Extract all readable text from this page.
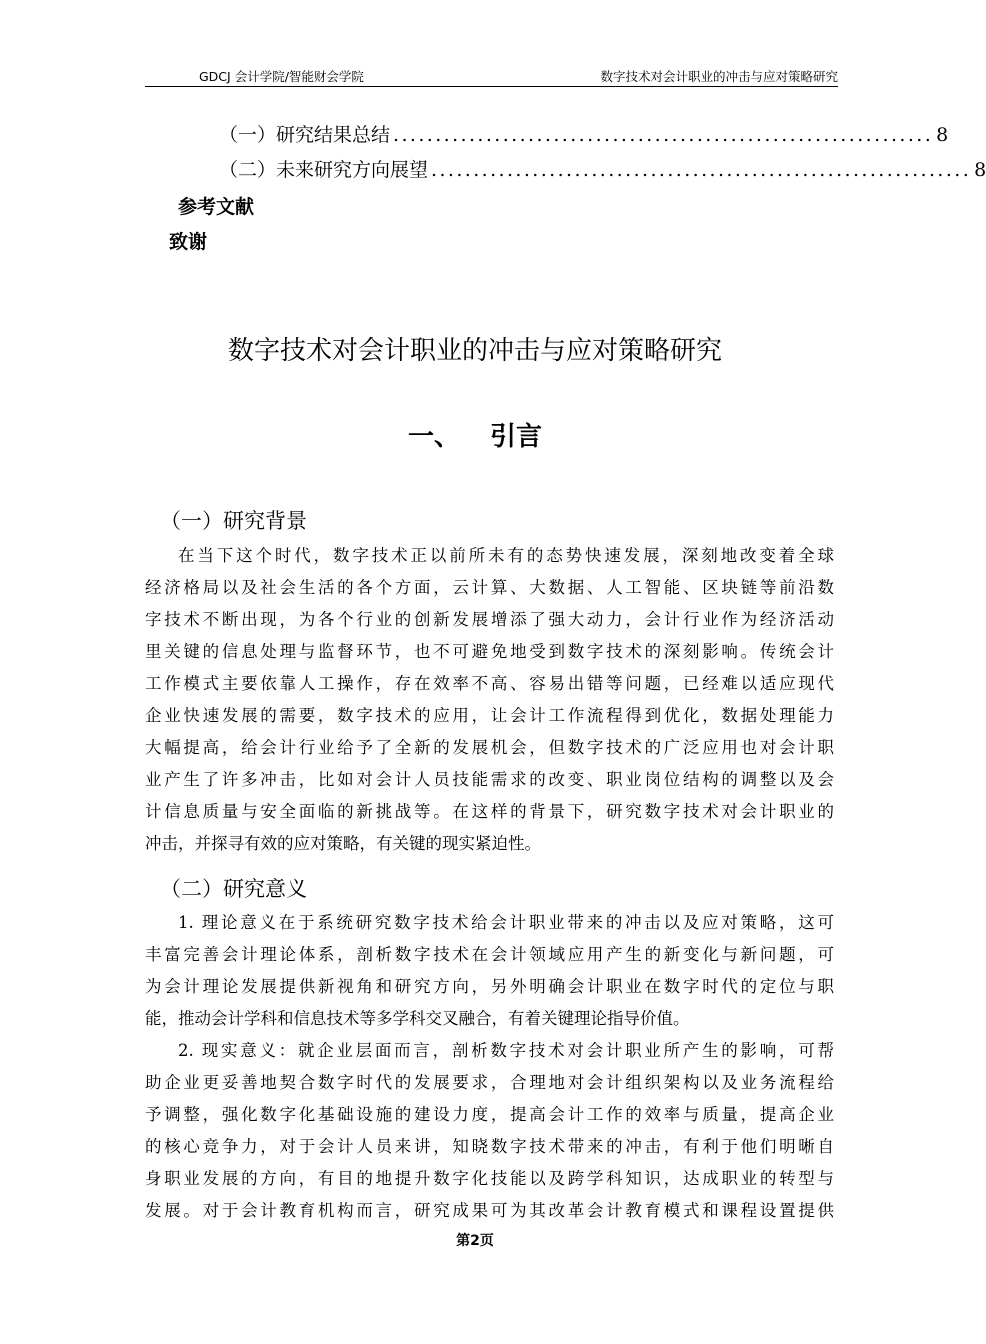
GDCJ 会计学院/智能财会学院	数字技术对会计职业的冲击与应对策略研究
（一）研究结果总结 ................................................................ 8
（二）未来研究方向展望 ................................................................ 8
参考文献
致谢
数字技术对会计职业的冲击与应对策略研究
一、 引言
（一）研究背景
在当下这个时代，数字技术正以前所未有的态势快速发展，深刻地改变着全球
经济格局以及社会生活的各个方面，云计算、大数据、人工智能、区块链等前沿数
字技术不断出现，为各个行业的创新发展增添了强大动力，会计行业作为经济活动
里关键的信息处理与监督环节，也不可避免地受到数字技术的深刻影响。传统会计
工作模式主要依靠人工操作，存在效率不高、容易出错等问题，已经难以适应现代
企业快速发展的需要，数字技术的应用，让会计工作流程得到优化，数据处理能力
大幅提高，给会计行业给予了全新的发展机会，但数字技术的广泛应用也对会计职
业产生了许多冲击，比如对会计人员技能需求的改变、职业岗位结构的调整以及会
计信息质量与安全面临的新挑战等。在这样的背景下，研究数字技术对会计职业的
冲击，并探寻有效的应对策略，有关键的现实紧迫性。
（二）研究意义
1. 理论意义在于系统研究数字技术给会计职业带来的冲击以及应对策略，这可
丰富完善会计理论体系，剖析数字技术在会计领域应用产生的新变化与新问题，可
为会计理论发展提供新视角和研究方向，另外明确会计职业在数字时代的定位与职
能，推动会计学科和信息技术等多学科交叉融合，有着关键理论指导价值。
2. 现实意义：就企业层面而言，剖析数字技术对会计职业所产生的影响，可帮
助企业更妥善地契合数字时代的发展要求，合理地对会计组织架构以及业务流程给
予调整，强化数字化基础设施的建设力度，提高会计工作的效率与质量，提高企业
的核心竞争力，对于会计人员来讲，知晓数字技术带来的冲击，有利于他们明晰自
身职业发展的方向，有目的地提升数字化技能以及跨学科知识，达成职业的转型与
发展。对于会计教育机构而言，研究成果可为其改革会计教育模式和课程设置提供
第2页
